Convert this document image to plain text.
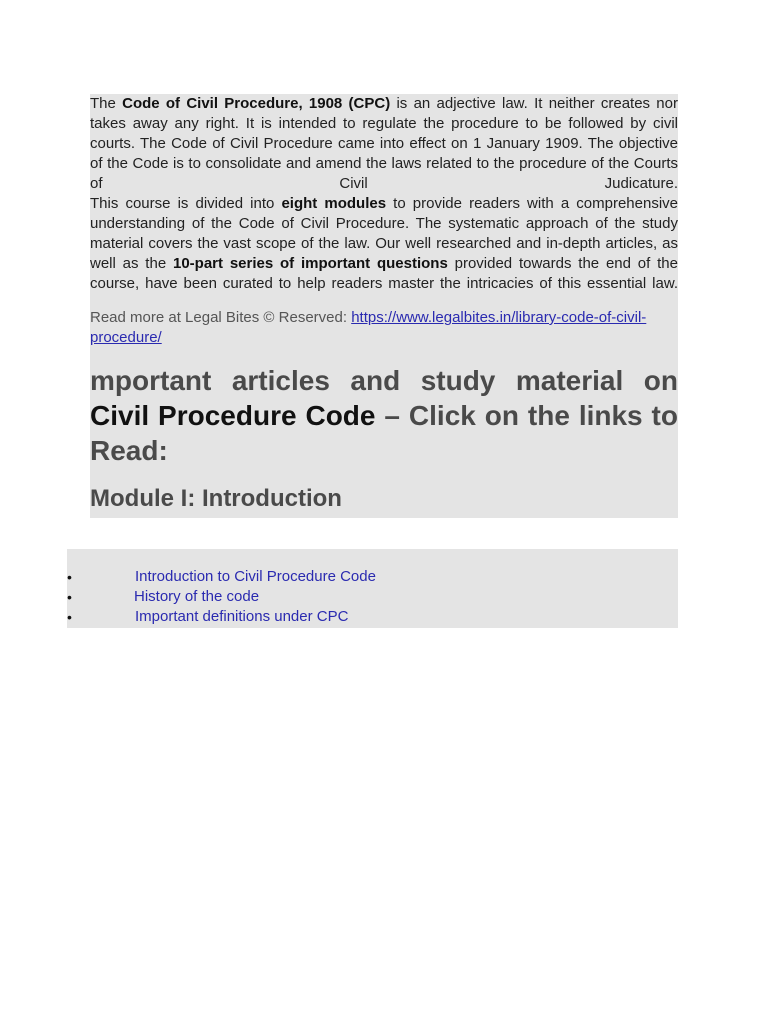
The Code of Civil Procedure, 1908 (CPC) is an adjective law. It neither creates nor takes away any right. It is intended to regulate the procedure to be followed by civil courts. The Code of Civil Procedure came into effect on 1 January 1909. The objective of the Code is to consolidate and amend the laws related to the procedure of the Courts of Civil Judicature.

This course is divided into eight modules to provide readers with a comprehensive understanding of the Code of Civil Procedure. The systematic approach of the study material covers the vast scope of the law. Our well researched and in-depth articles, as well as the 10-part series of important questions provided towards the end of the course, have been curated to help readers master the intricacies of this essential law.

Read more at Legal Bites © Reserved: https://www.legalbites.in/library-code-of-civil-procedure/

mportant articles and study material on Civil Procedure Code – Click on the links to Read:
Module I: Introduction
•	Introduction to Civil Procedure Code
•	History of the code
•	Important definitions under CPC
